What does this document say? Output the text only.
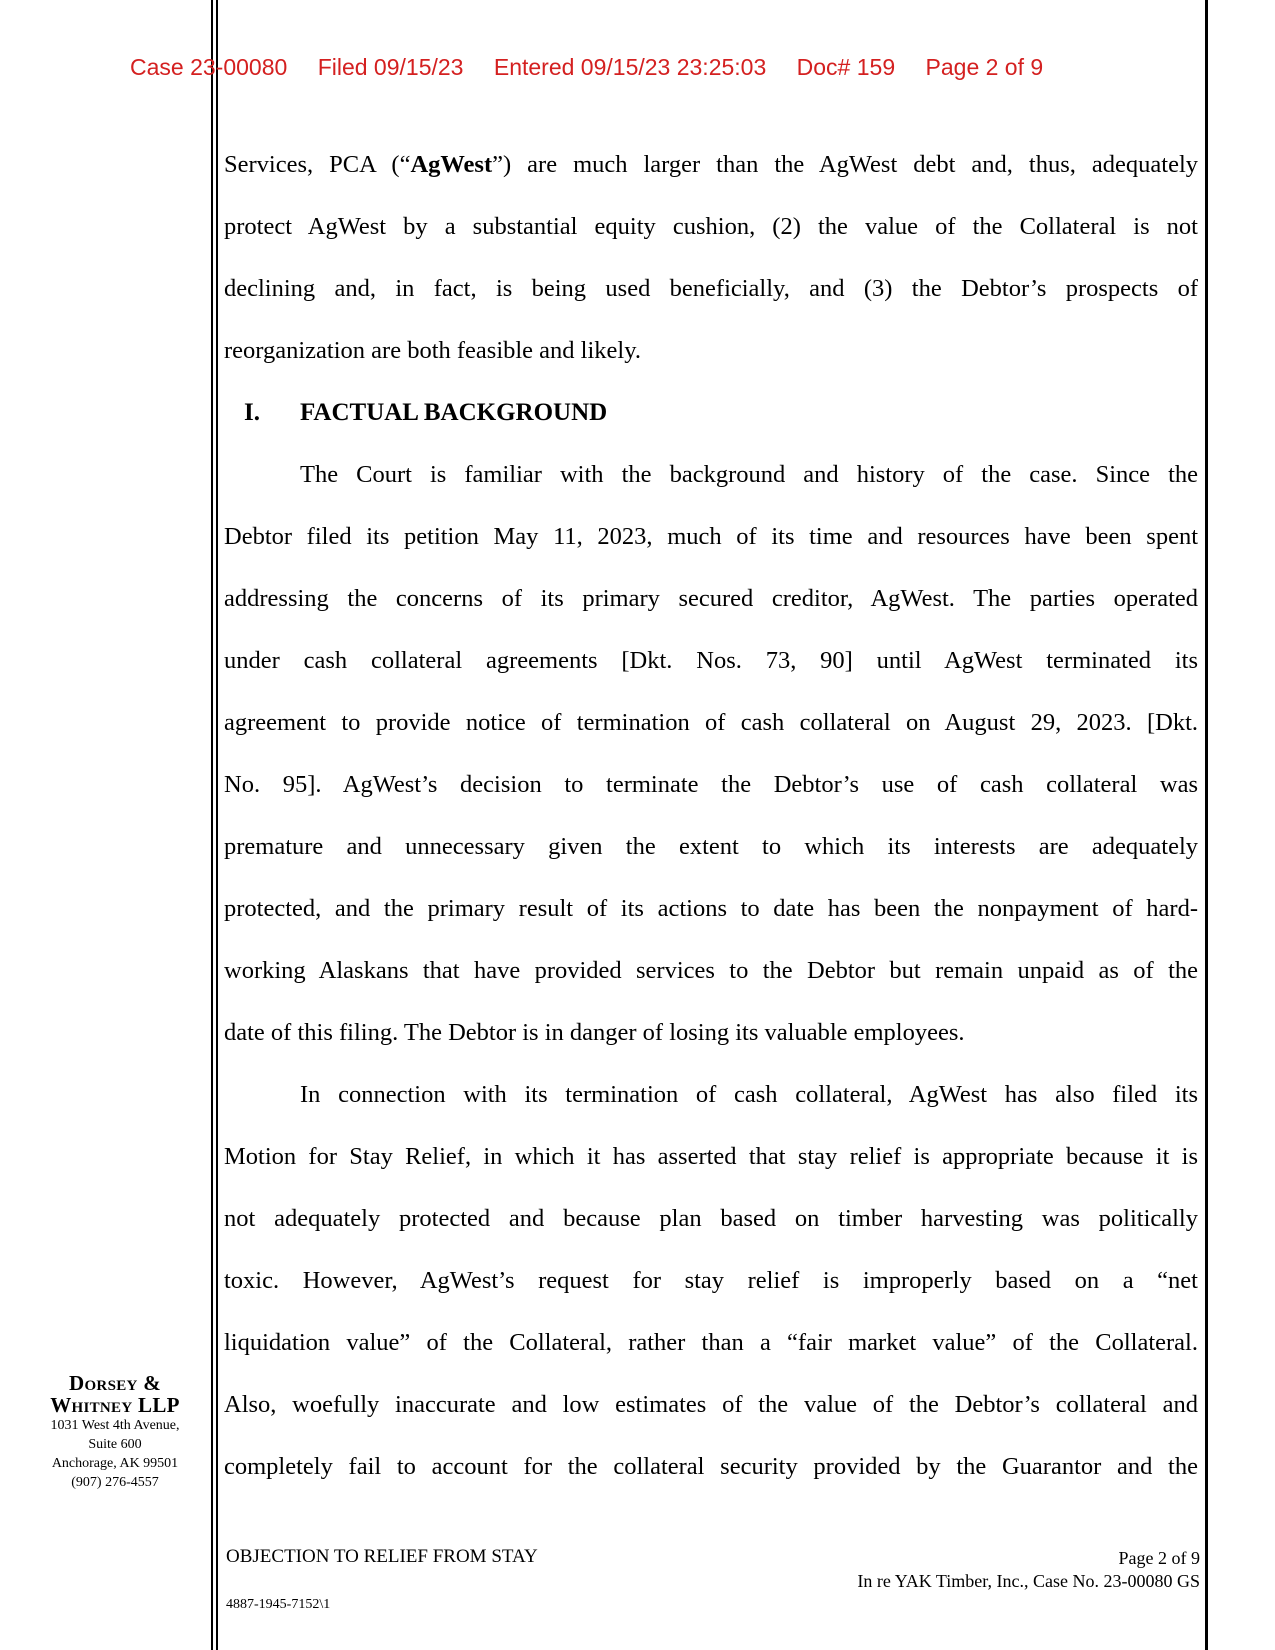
Case 23-00080 Filed 09/15/23 Entered 09/15/23 23:25:03 Doc# 159 Page 2 of 9
Services, PCA (“AgWest”) are much larger than the AgWest debt and, thus, adequately
protect AgWest by a substantial equity cushion, (2) the value of the Collateral is not
declining and, in fact, is being used beneficially, and (3) the Debtor’s prospects of
reorganization are both feasible and likely.
I. FACTUAL BACKGROUND
The Court is familiar with the background and history of the case. Since the
Debtor filed its petition May 11, 2023, much of its time and resources have been spent
addressing the concerns of its primary secured creditor, AgWest. The parties operated
under cash collateral agreements [Dkt. Nos. 73, 90] until AgWest terminated its
agreement to provide notice of termination of cash collateral on August 29, 2023. [Dkt.
No. 95]. AgWest’s decision to terminate the Debtor’s use of cash collateral was
premature and unnecessary given the extent to which its interests are adequately
protected, and the primary result of its actions to date has been the nonpayment of hard-
working Alaskans that have provided services to the Debtor but remain unpaid as of the
date of this filing. The Debtor is in danger of losing its valuable employees.
In connection with its termination of cash collateral, AgWest has also filed its
Motion for Stay Relief, in which it has asserted that stay relief is appropriate because it is
not adequately protected and because plan based on timber harvesting was politically
toxic. However, AgWest’s request for stay relief is improperly based on a “net
liquidation value” of the Collateral, rather than a “fair market value” of the Collateral.
Also, woefully inaccurate and low estimates of the value of the Debtor’s collateral and
completely fail to account for the collateral security provided by the Guarantor and the
Dorsey &
Whitney LLP
1031 West 4th Avenue,
Suite 600
Anchorage, AK 99501
(907) 276-4557
OBJECTION TO RELIEF FROM STAY	Page 2 of 9
In re YAK Timber, Inc., Case No. 23-00080 GS
4887-1945-7152\1
